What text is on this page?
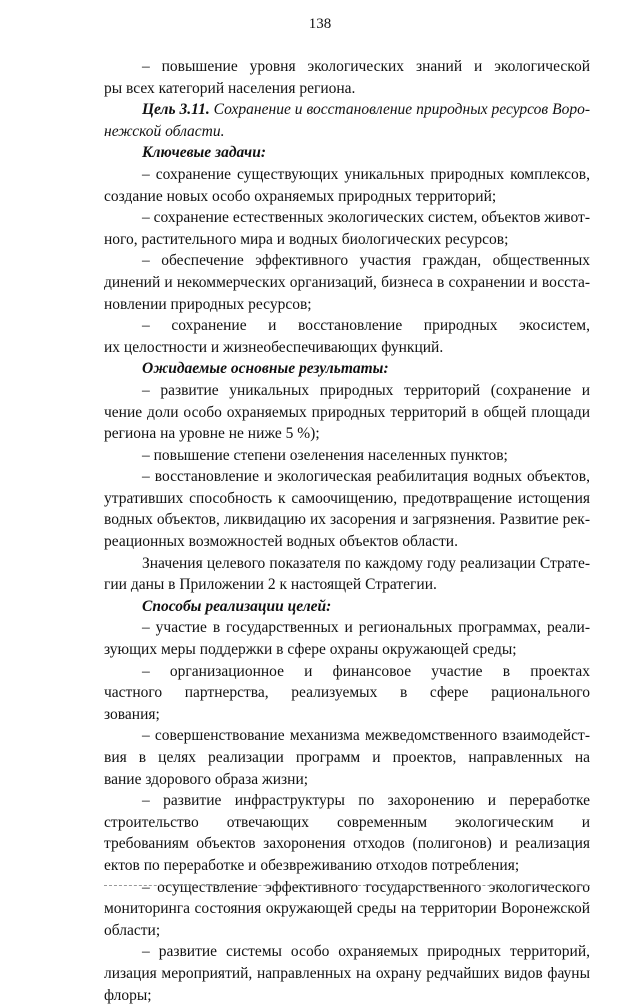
138
– повышение уровня экологических знаний и экологической
ры всех категорий населения региона.
Цель 3.11. Сохранение и восстановление природных ресурсов Воро-
нежской области.
Ключевые задачи:
– сохранение существующих уникальных природных комплексов,
создание новых особо охраняемых природных территорий;
– сохранение естественных экологических систем, объектов живот-
ного, растительного мира и водных биологических ресурсов;
– обеспечение эффективного участия граждан, общественных
динений и некоммерческих организаций, бизнеса в сохранении и восста-
новлении природных ресурсов;
– сохранение и восстановление природных экосистем,
их целостности и жизнеобеспечивающих функций.
Ожидаемые основные результаты:
– развитие уникальных природных территорий (сохранение и
чение доли особо охраняемых природных территорий в общей площади
региона на уровне не ниже 5 %);
– повышение степени озеленения населенных пунктов;
– восстановление и экологическая реабилитация водных объектов,
утративших способность к самоочищению, предотвращение истощения
водных объектов, ликвидацию их засорения и загрязнения. Развитие рек-
реационных возможностей водных объектов области.
Значения целевого показателя по каждому году реализации Страте-
гии даны в Приложении 2 к настоящей Стратегии.
Способы реализации целей:
– участие в государственных и региональных программах, реали-
зующих меры поддержки в сфере охраны окружающей среды;
– организационное и финансовое участие в проектах
частного партнерства, реализуемых в сфере рационального
зования;
– совершенствование механизма межведомственного взаимодейст-
вия в целях реализации программ и проектов, направленных на
вание здорового образа жизни;
– развитие инфраструктуры по захоронению и переработке
строительство отвечающих современным экологическим и
требованиям объектов захоронения отходов (полигонов) и реализация
ектов по переработке и обезвреживанию отходов потребления;
– осуществление эффективного государственного экологического
мониторинга состояния окружающей среды на территории Воронежской
области;
– развитие системы особо охраняемых природных территорий,
лизация мероприятий, направленных на охрану редчайших видов фауны
флоры;
